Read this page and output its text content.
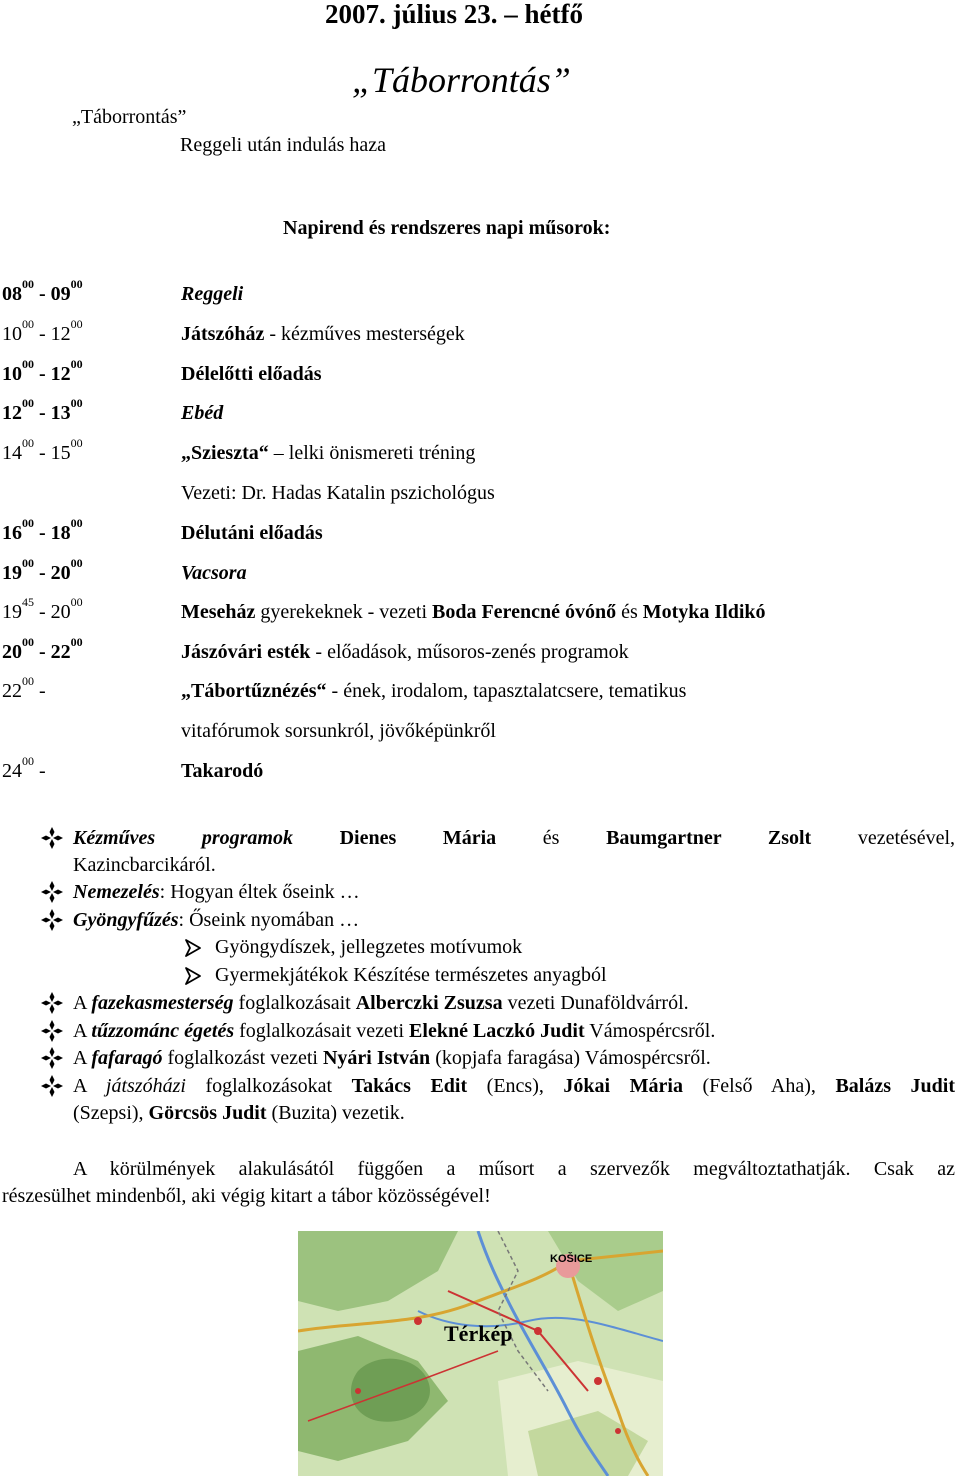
2007. július 23. – hétfő
„Táborrontás”
„Táborrontás”
Reggeli után indulás haza
Napirend és rendszeres napi műsorok:
$08^{00} - 09^{00}$	Reggeli
$10^{00} - 12^{00}$	Játszóház - kézműves mesterségek
$10^{00} - 12^{00}$	Délelőtti előadás
$12^{00} - 13^{00}$	Ebéd
$14^{00} - 15^{00}$	„Szieszta“ – lelki önismereti tréning
Vezeti: Dr. Hadas Katalin pszichológus
$16^{00} - 18^{00}$	Délutáni előadás
$19^{00} - 20^{00}$	Vacsora
$19^{45} - 20^{00}$	Meseház gyerekeknek - vezeti Boda Ferencné óvónő és Motyka Ildikó
$20^{00} - 22^{00}$	Jászóvári esték - előadások, műsoros-zenés programok
$22^{00}$ -	„Tábortűznézés“ - ének, irodalom, tapasztalatcsere, tematikus
vitafórumok sorsunkról, jövőképünkről
$24^{00}$ -	Takarodó
Kézműves programok Dienes Mária és Baumgartner Zsolt vezetésével,
Kazincbarcikáról.
Nemezelés: Hogyan éltek őseink …
Gyöngyfűzés: Őseink nyomában …
Gyöngydíszek, jellegzetes motívumok
Gyermekjátékok Készítése természetes anyagból
A fazekasmesterség foglalkozásait Alberczki Zsuzsa vezeti Dunaföldvárról.
A tűzzománc égetés foglalkozásait vezeti Elekné Laczkó Judit Vámospércsről.
A fafaragó foglalkozást vezeti Nyári István (kopjafa faragása) Vámospércsről.
A játszóházi foglalkozásokat Takács Edit (Encs), Jókai Mária (Felső Aha), Balázs Judit
(Szepsi), Görcsös Judit (Buzita) vezetik.
A körülmények alakulásától függően a műsort a szervezők megváltoztathatják. Csak az
részesülhet mindenből, aki végig kitart a tábor közösségével!
KOŠICE
Térkép
